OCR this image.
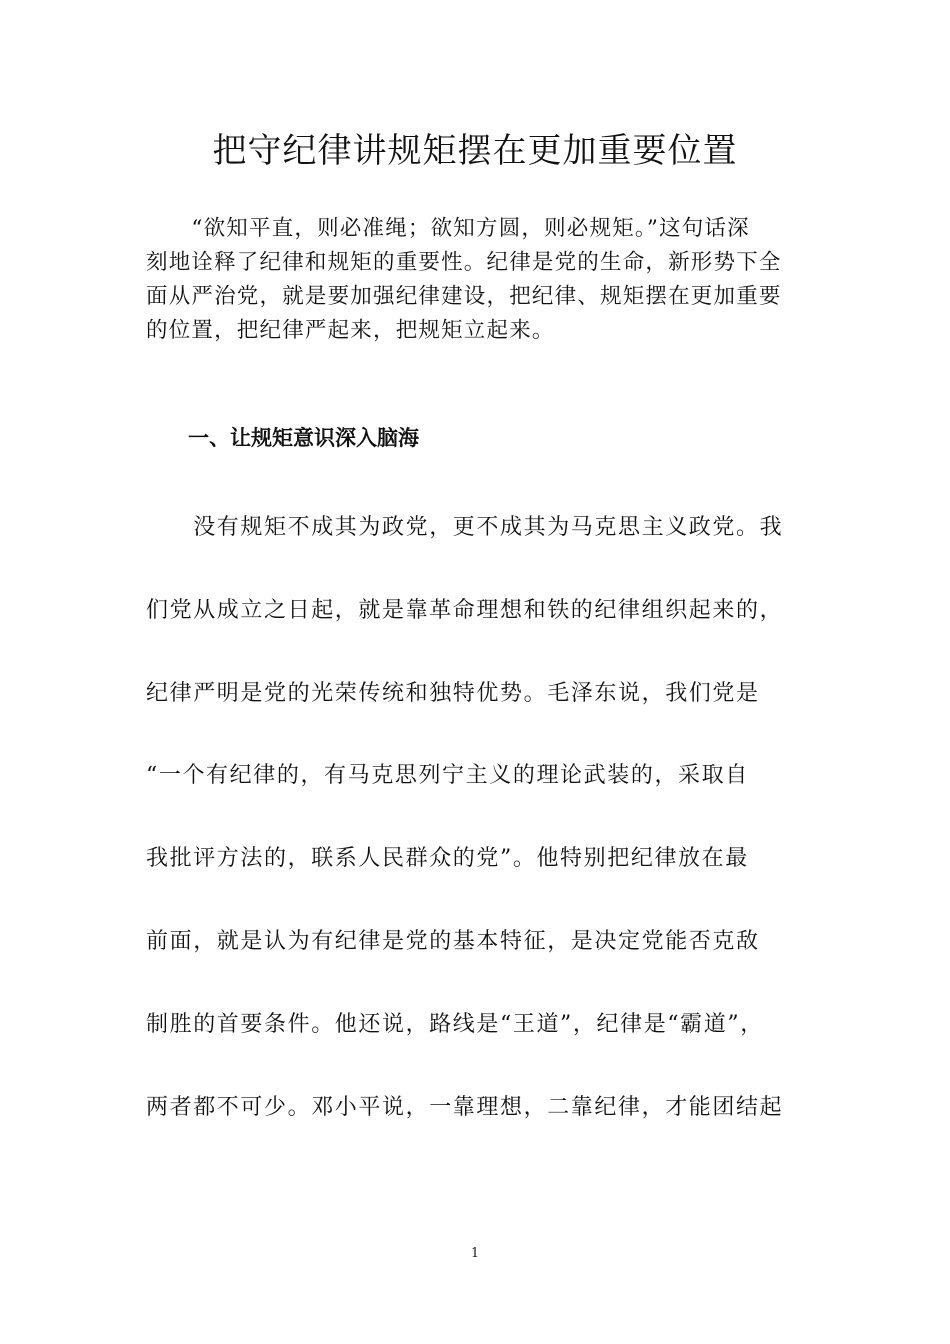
把守纪律讲规矩摆在更加重要位置
　　“欲知平直，则必准绳；欲知方圆，则必规矩。”这句话深
刻地诠释了纪律和规矩的重要性。纪律是党的生命，新形势下全
面从严治党，就是要加强纪律建设，把纪律、规矩摆在更加重要
的位置，把纪律严起来，把规矩立起来。
一、让规矩意识深入脑海
　　没有规矩不成其为政党，更不成其为马克思主义政党。我
们党从成立之日起，就是靠革命理想和铁的纪律组织起来的，
纪律严明是党的光荣传统和独特优势。毛泽东说，我们党是
“一个有纪律的，有马克思列宁主义的理论武装的，采取自
我批评方法的，联系人民群众的党”。他特别把纪律放在最
前面，就是认为有纪律是党的基本特征，是决定党能否克敌
制胜的首要条件。他还说，路线是“王道”，纪律是“霸道”，
两者都不可少。邓小平说，一靠理想，二靠纪律，才能团结起
1
